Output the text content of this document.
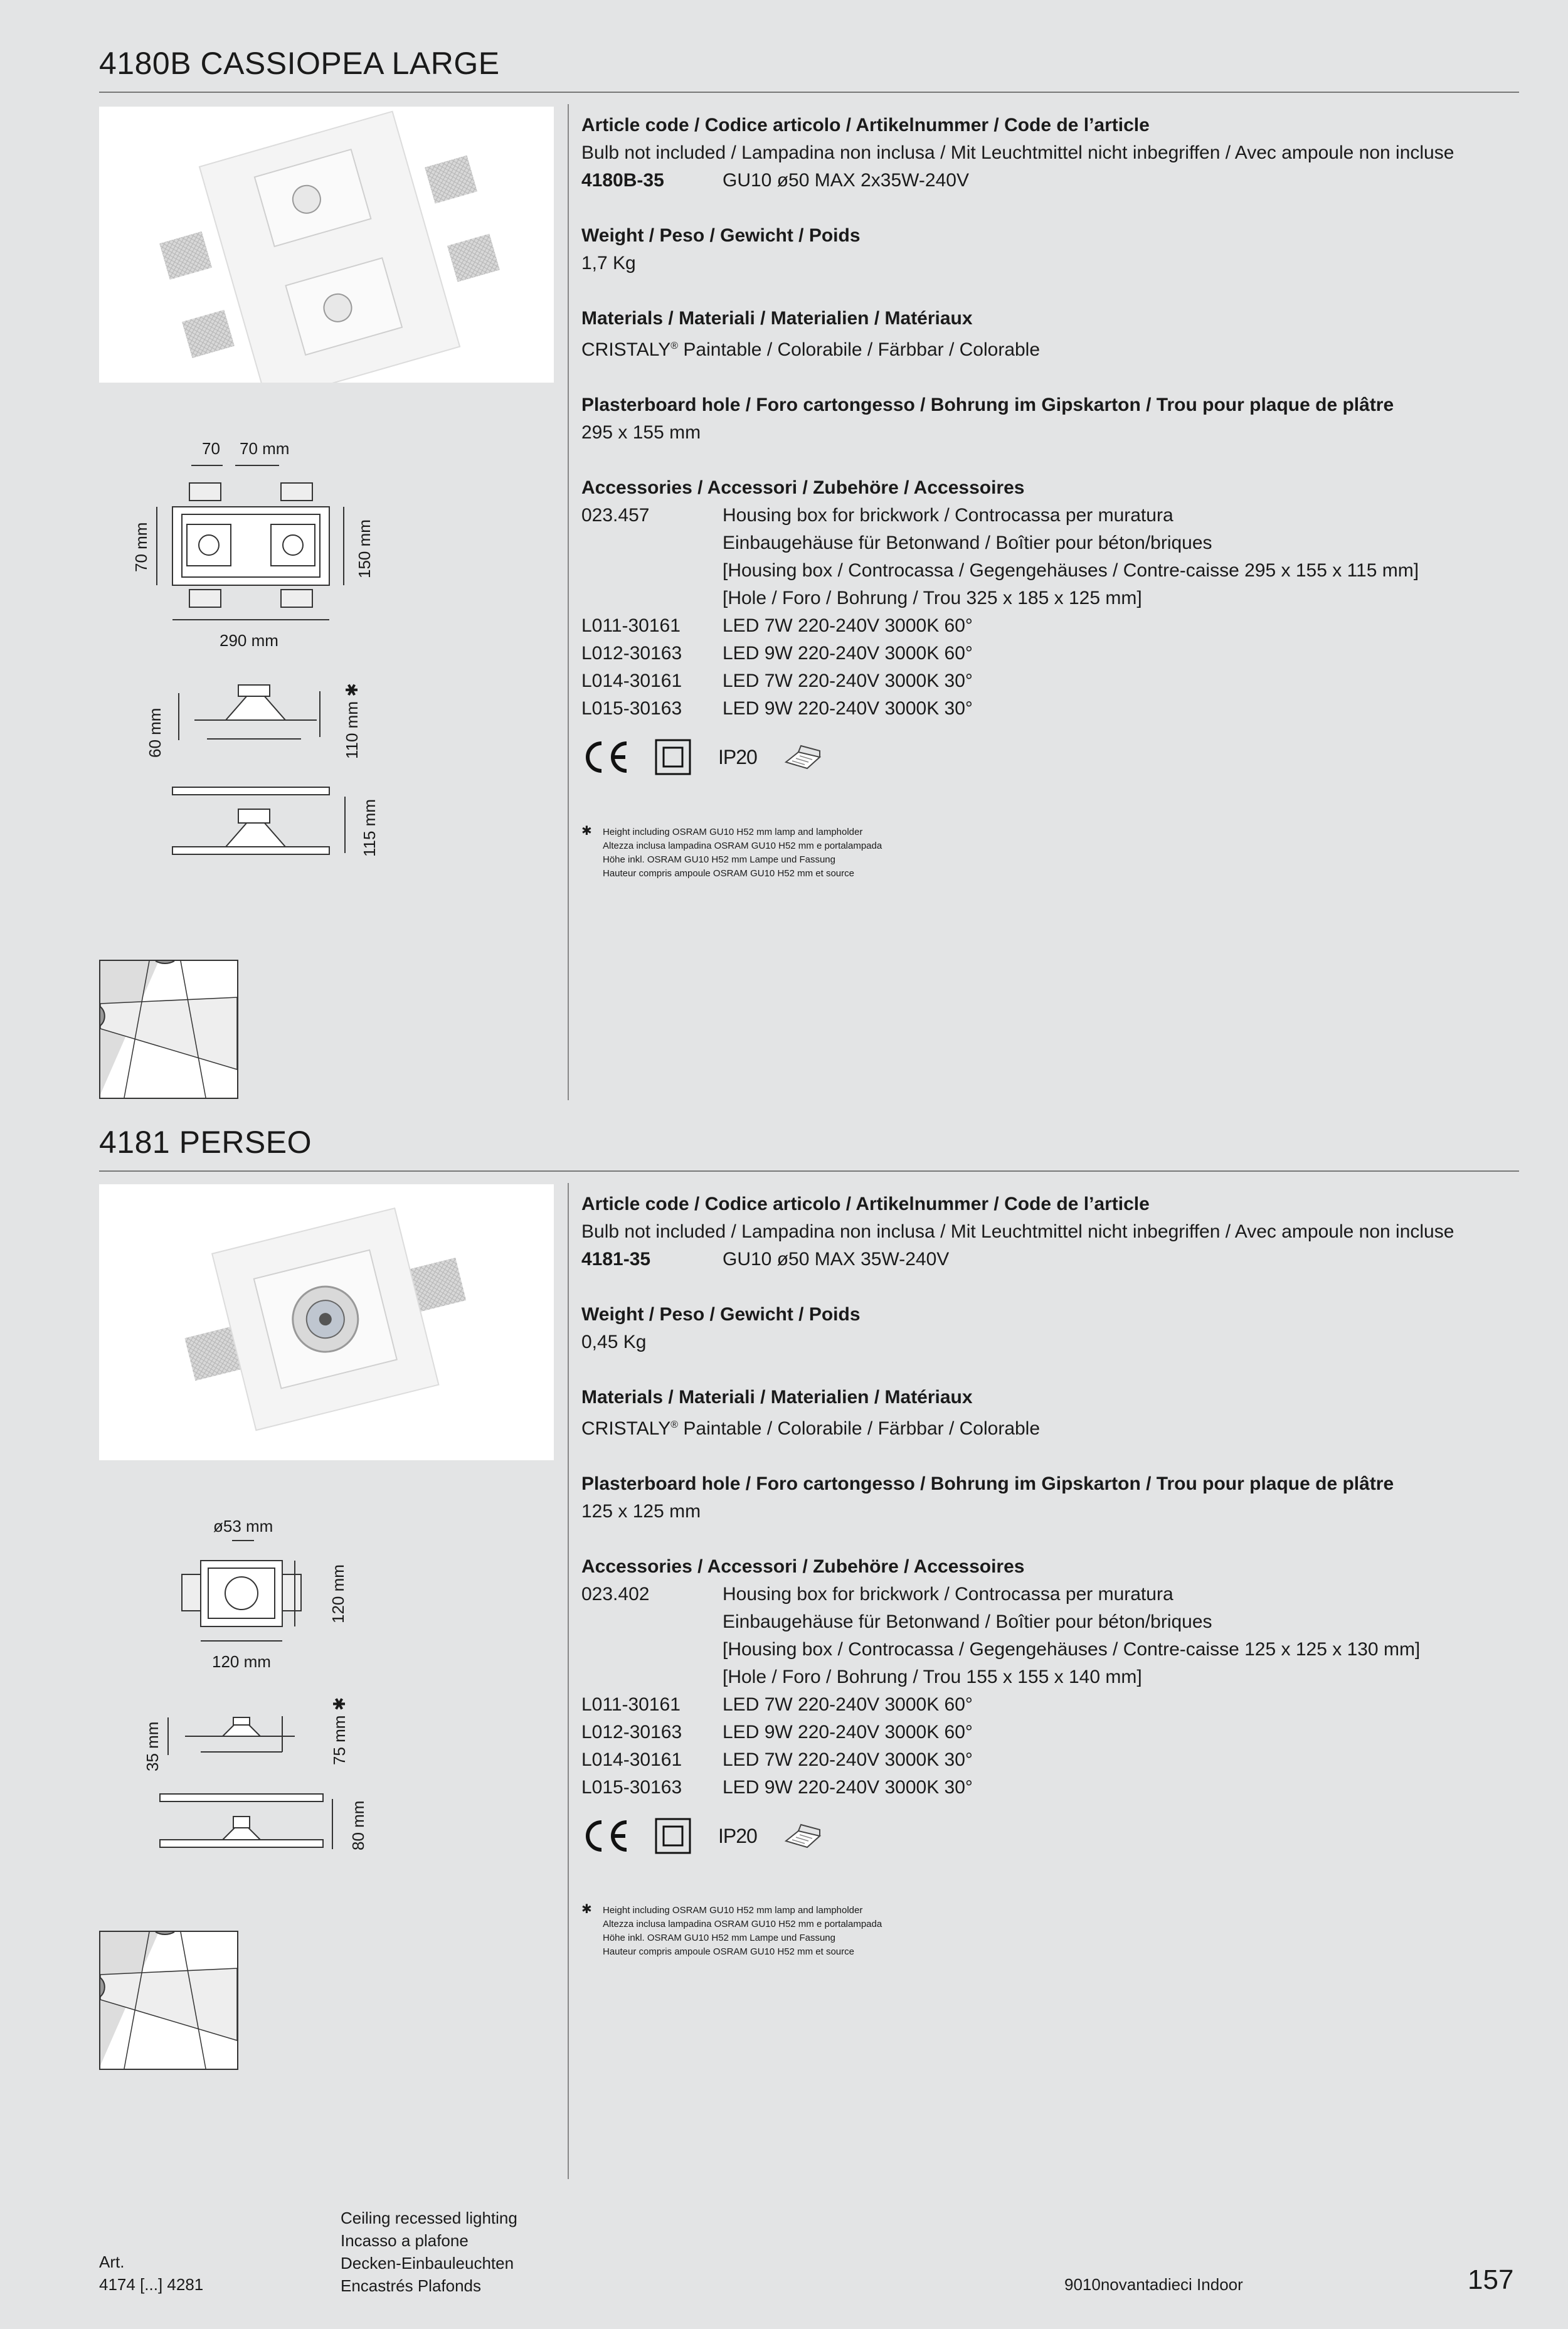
4180B CASSIOPEA LARGE
70 70 mm
70 mm	150 mm
290 mm
60 mm	110 mm ✱
115 mm
Article code / Codice articolo / Artikelnummer / Code de l’article
Bulb not included / Lampadina non inclusa / Mit Leuchtmittel nicht inbegriffen / Avec ampoule non incluse
4180B-35	GU10 ø50 MAX 2x35W-240V
Weight / Peso / Gewicht / Poids
1,7 Kg
Materials / Materiali / Materialien / Matériaux
CRISTALY® Paintable / Colorabile / Färbbar / Colorable
Plasterboard hole / Foro cartongesso / Bohrung im Gipskarton / Trou pour plaque de plâtre
295 x 155 mm
Accessories / Accessori / Zubehöre / Accessoires
023.457	Housing box for brickwork / Controcassa per muratura
Einbaugehäuse für Betonwand / Boîtier pour béton/briques
[Housing box / Controcassa / Gegengehäuses / Contre-caisse 295 x 155 x 115 mm]
[Hole / Foro / Bohrung / Trou 325 x 185 x 125 mm]
L011-30161	LED 7W 220-240V 3000K 60°
L012-30163	LED 9W 220-240V 3000K 60°
L014-30161	LED 7W 220-240V 3000K 30°
L015-30163	LED 9W 220-240V 3000K 30°
IP20
✱ Height including OSRAM GU10 H52 mm lamp and lampholder
Altezza inclusa lampadina OSRAM GU10 H52 mm e portalampada
Höhe inkl. OSRAM GU10 H52 mm Lampe und Fassung
Hauteur compris ampoule OSRAM GU10 H52 mm et source
4181 PERSEO
ø53 mm
120 mm
120 mm
35 mm	75 mm ✱
80 mm
Article code / Codice articolo / Artikelnummer / Code de l’article
Bulb not included / Lampadina non inclusa / Mit Leuchtmittel nicht inbegriffen / Avec ampoule non incluse
4181-35	GU10 ø50 MAX 35W-240V
Weight / Peso / Gewicht / Poids
0,45 Kg
Materials / Materiali / Materialien / Matériaux
CRISTALY® Paintable / Colorabile / Färbbar / Colorable
Plasterboard hole / Foro cartongesso / Bohrung im Gipskarton / Trou pour plaque de plâtre
125 x 125 mm
Accessories / Accessori / Zubehöre / Accessoires
023.402	Housing box for brickwork / Controcassa per muratura
Einbaugehäuse für Betonwand / Boîtier pour béton/briques
[Housing box / Controcassa / Gegengehäuses / Contre-caisse 125 x 125 x 130 mm]
[Hole / Foro / Bohrung / Trou 155 x 155 x 140 mm]
L011-30161	LED 7W 220-240V 3000K 60°
L012-30163	LED 9W 220-240V 3000K 60°
L014-30161	LED 7W 220-240V 3000K 30°
L015-30163	LED 9W 220-240V 3000K 30°
IP20
✱ Height including OSRAM GU10 H52 mm lamp and lampholder
Altezza inclusa lampadina OSRAM GU10 H52 mm e portalampada
Höhe inkl. OSRAM GU10 H52 mm Lampe und Fassung
Hauteur compris ampoule OSRAM GU10 H52 mm et source
Art.
4174 [...] 4281
Ceiling recessed lighting
Incasso a plafone
Decken-Einbauleuchten
Encastrés Plafonds	9010novantadieci Indoor	157
